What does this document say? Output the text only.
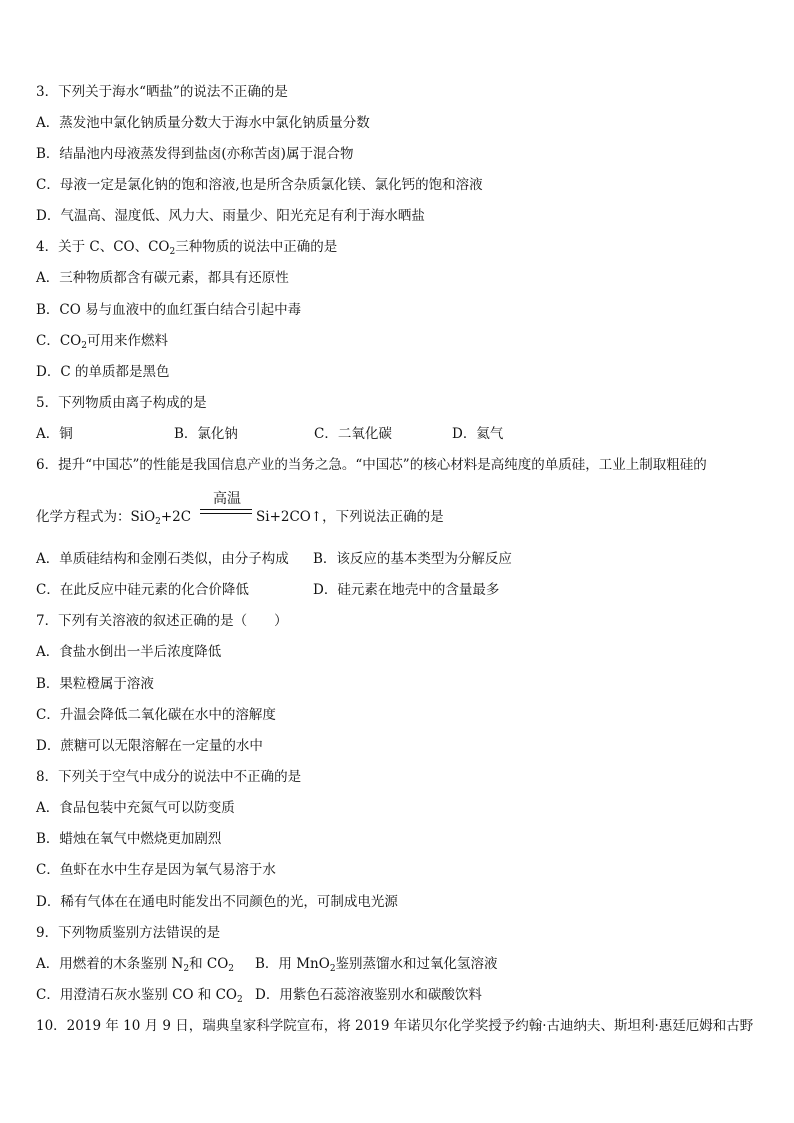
3．下列关于海水“晒盐”的说法不正确的是
A．蒸发池中氯化钠质量分数大于海水中氯化钠质量分数
B．结晶池内母液蒸发得到盐卤(亦称苦卤)属于混合物
C．母液一定是氯化钠的饱和溶液,也是所含杂质氯化镁、氯化钙的饱和溶液
D．气温高、湿度低、风力大、雨量少、阳光充足有利于海水晒盐
4．关于 C、CO、$CO_2$三种物质的说法中正确的是
A．三种物质都含有碳元素，都具有还原性
B．CO 易与血液中的血红蛋白结合引起中毒
C．$CO_2$可用来作燃料
D．C 的单质都是黑色
5．下列物质由离子构成的是
A．铜	B．氯化钠	C．二氧化碳	D．氦气
6．提升“中国芯”的性能是我国信息产业的当务之急。“中国芯”的核心材料是高纯度的单质硅，工业上制取粗硅的
化学方程式为：SiO$_2$+2C
高温
Si+2CO↑，下列说法正确的是
A．单质硅结构和金刚石类似，由分子构成 B．该反应的基本类型为分解反应
C．在此反应中硅元素的化合价降低	D．硅元素在地壳中的含量最多
7．下列有关溶液的叙述正确的是（　　）
A．食盐水倒出一半后浓度降低
B．果粒橙属于溶液
C．升温会降低二氧化碳在水中的溶解度
D．蔗糖可以无限溶解在一定量的水中
8．下列关于空气中成分的说法中不正确的是
A．食品包装中充氮气可以防变质
B．蜡烛在氧气中燃烧更加剧烈
C．鱼虾在水中生存是因为氧气易溶于水
D．稀有气体在在通电时能发出不同颜色的光，可制成电光源
9．下列物质鉴别方法错误的是
A．用燃着的木条鉴别 $N_2$和 $CO_2$ B．用 MnO$_2$鉴别蒸馏水和过氧化氢溶液
C．用澄清石灰水鉴别 CO 和 $CO_2$ D．用紫色石蕊溶液鉴别水和碳酸饮料
10．2019 年 10 月 9 日，瑞典皇家科学院宣布，将 2019 年诺贝尔化学奖授予约翰·古迪纳夫、斯坦利·惠廷厄姆和古野
